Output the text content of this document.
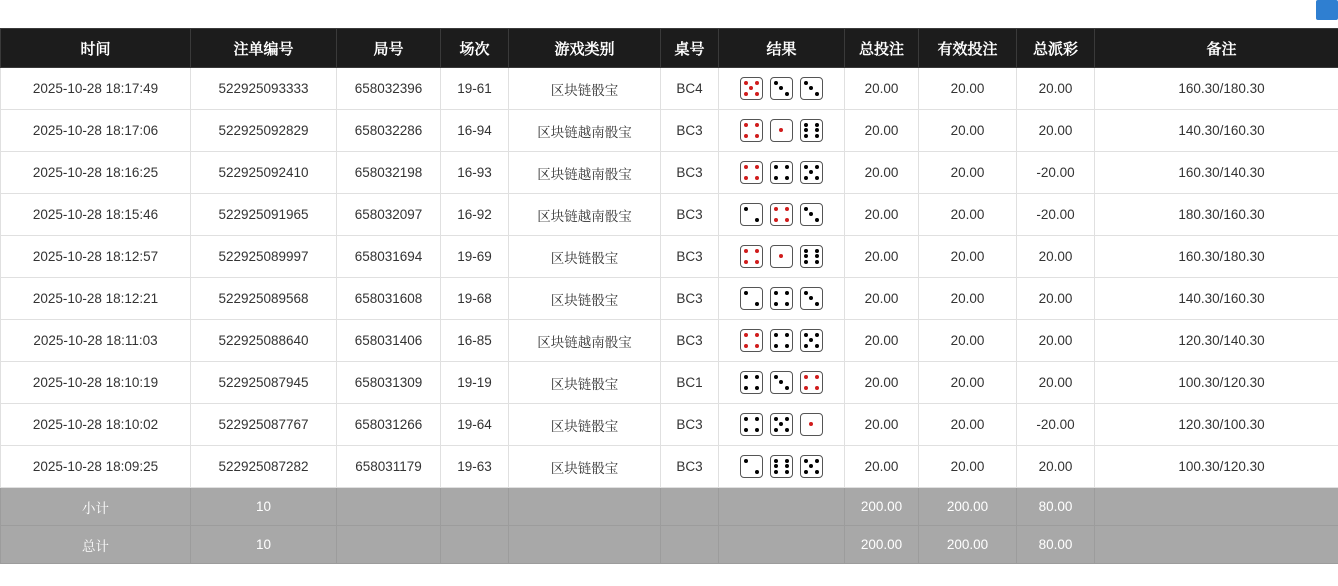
时间	注单编号	局号	场次	游戏类别	桌号	结果	总投注	有效投注	总派彩	备注
2025-10-28 18:17:49	522925093333	658032396	19-61	区块链骰宝	BC4		20.00	20.00	20.00	160.30/180.30
2025-10-28 18:17:06	522925092829	658032286	16-94	区块链越南骰宝	BC3		20.00	20.00	20.00	140.30/160.30
2025-10-28 18:16:25	522925092410	658032198	16-93	区块链越南骰宝	BC3		20.00	20.00	-20.00	160.30/140.30
2025-10-28 18:15:46	522925091965	658032097	16-92	区块链越南骰宝	BC3		20.00	20.00	-20.00	180.30/160.30
2025-10-28 18:12:57	522925089997	658031694	19-69	区块链骰宝	BC3		20.00	20.00	20.00	160.30/180.30
2025-10-28 18:12:21	522925089568	658031608	19-68	区块链骰宝	BC3		20.00	20.00	20.00	140.30/160.30
2025-10-28 18:11:03	522925088640	658031406	16-85	区块链越南骰宝	BC3		20.00	20.00	20.00	120.30/140.30
2025-10-28 18:10:19	522925087945	658031309	19-19	区块链骰宝	BC1		20.00	20.00	20.00	100.30/120.30
2025-10-28 18:10:02	522925087767	658031266	19-64	区块链骰宝	BC3		20.00	20.00	-20.00	120.30/100.30
2025-10-28 18:09:25	522925087282	658031179	19-63	区块链骰宝	BC3		20.00	20.00	20.00	100.30/120.30
小计	10						200.00	200.00	80.00	
总计	10						200.00	200.00	80.00	
